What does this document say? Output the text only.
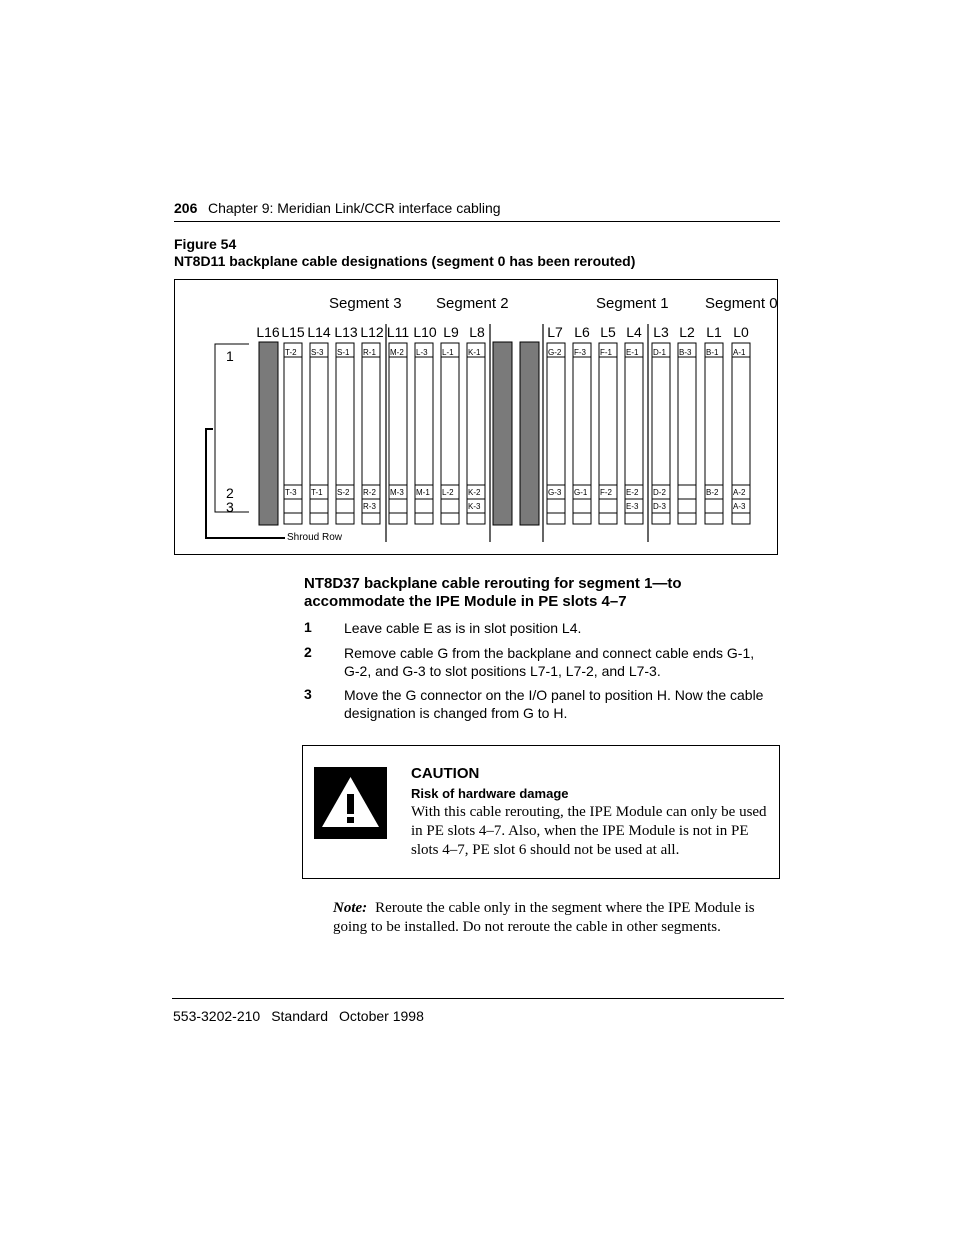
206 Chapter 9: Meridian Link/CCR interface cabling
Figure 54
NT8D11 backplane cable designations (segment 0 has been rerouted)
Segment 3 Segment 2	Segment 1 Segment 0
L16 L15 L14 L13 L12 L11 L10 L9 L8	L7 L6 L5 L4 L3 L2 L1 L0
T-2
T-3
S-3
T-1
S-1
S-2
R-1
R-2
R-3
M-2
M-3
L-3
M-1
L-1
L-2
K-1
K-2
K-3
G-2
G-3
F-3
G-1
F-1
F-2
E-1
E-2
E-3
D-1
D-2
D-3
B-3 B-1
B-2
A-1
A-2
A-3
1
2
3
Shroud Row
NT8D37 backplane cable rerouting for segment 1—to accommodate the IPE Module in PE slots 4–7
1 Leave cable E as is in slot position L4.
2 Remove cable G from the backplane and connect cable ends G-1, G-2, and G-3 to slot positions L7-1, L7-2, and L7-3.
3 Move the G connector on the I/O panel to position H. Now the cable designation is changed from G to H.
CAUTION
Risk of hardware damage
With this cable rerouting, the IPE Module can only be used in PE slots 4–7. Also, when the IPE Module is not in PE slots 4–7, PE slot 6 should not be used at all.
Note: Reroute the cable only in the segment where the IPE Module is going to be installed. Do not reroute the cable in other segments.
553-3202-210 Standard October 1998
